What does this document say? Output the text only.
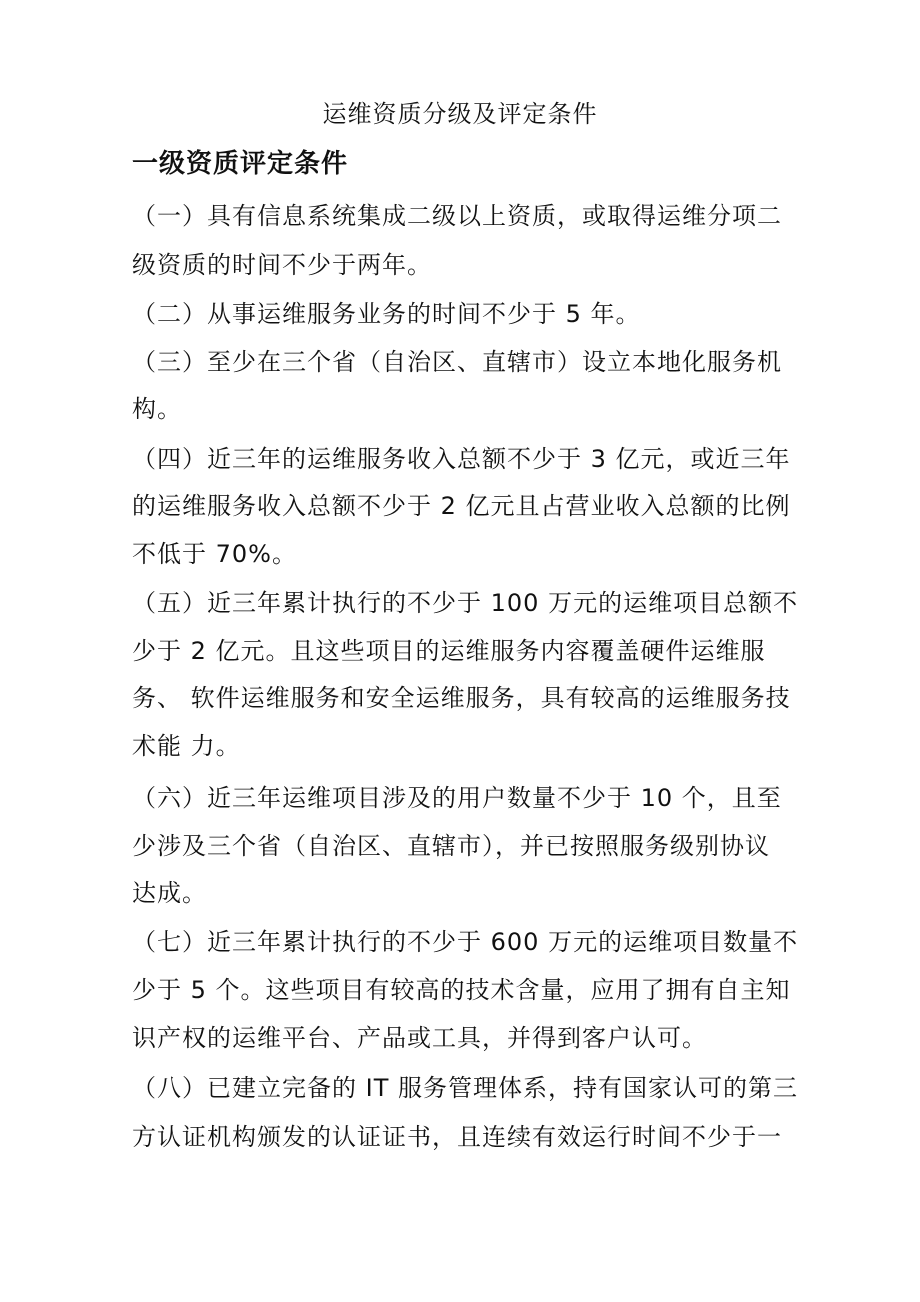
运维资质分级及评定条件
一级资质评定条件
（一）具有信息系统集成二级以上资质，或取得运维分项二
级资质的时间不少于两年。
（二）从事运维服务业务的时间不少于 5 年。
（三）至少在三个省（自治区、直辖市）设立本地化服务机
构。
（四）近三年的运维服务收入总额不少于 3 亿元，或近三年
的运维服务收入总额不少于 2 亿元且占营业收入总额的比例
不低于 70%。
（五）近三年累计执行的不少于 100 万元的运维项目总额不
少于 2 亿元。且这些项目的运维服务内容覆盖硬件运维服
务、 软件运维服务和安全运维服务，具有较高的运维服务技
术能 力。
（六）近三年运维项目涉及的用户数量不少于 10 个，且至
少涉及三个省（自治区、直辖市），并已按照服务级别协议
达成。
（七）近三年累计执行的不少于 600 万元的运维项目数量不
少于 5 个。这些项目有较高的技术含量，应用了拥有自主知
识产权的运维平台、产品或工具，并得到客户认可。
（八）已建立完备的 IT 服务管理体系，持有国家认可的第三
方认证机构颁发的认证证书，且连续有效运行时间不少于一
